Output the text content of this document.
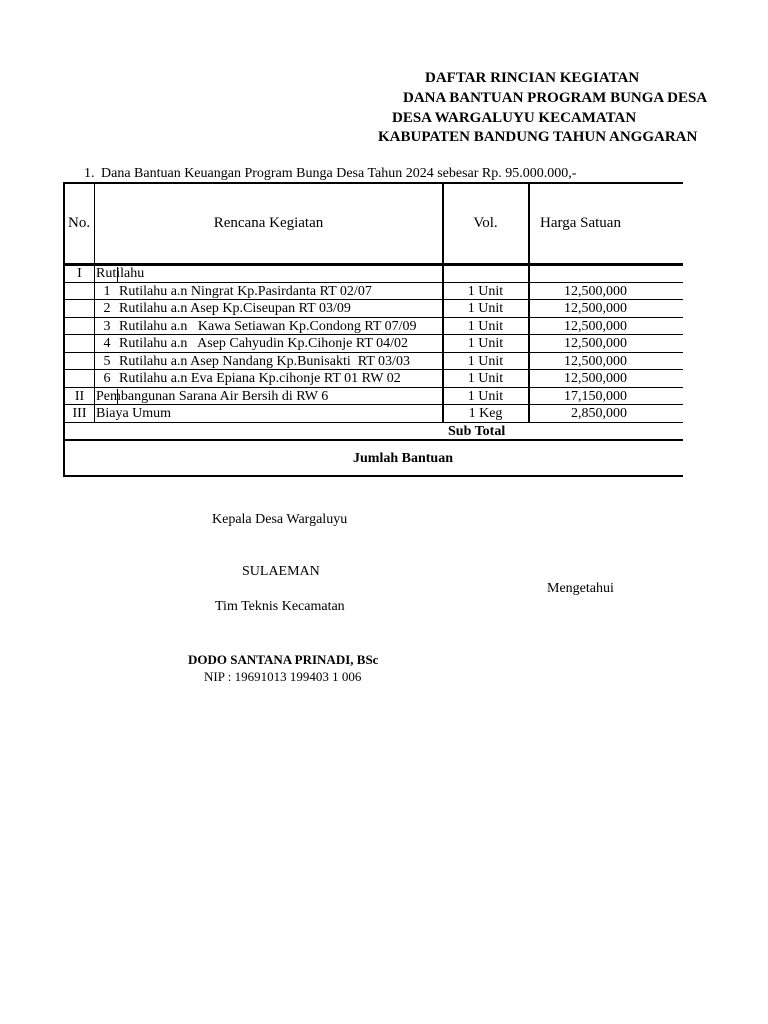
DAFTAR RINCIAN KEGIATAN
DANA BANTUAN PROGRAM BUNGA DESA
DESA WARGALUYU KECAMATAN
KABUPATEN BANDUNG TAHUN ANGGARAN
1. Dana Bantuan Keuangan Program Bunga Desa Tahun 2024 sebesar Rp. 95.000.000,-
No.	Rencana Kegiatan	Vol.	Harga Satuan
I	Rutilahu
1 Rutilahu a.n Ningrat Kp.Pasirdanta RT 02/07	1 Unit	12,500,000
2 Rutilahu a.n Asep Kp.Ciseupan RT 03/09	1 Unit	12,500,000
3 Rutilahu a.n   Kawa Setiawan Kp.Condong RT 07/09	1 Unit	12,500,000
4 Rutilahu a.n   Asep Cahyudin Kp.Cihonje RT 04/02	1 Unit	12,500,000
5 Rutilahu a.n Asep Nandang Kp.Bunisakti  RT 03/03	1 Unit	12,500,000
6 Rutilahu a.n Eva Epiana Kp.cihonje RT 01 RW 02	1 Unit	12,500,000
II Pembangunan Sarana Air Bersih di RW 6	1 Unit	17,150,000
III Biaya Umum	1 Keg	2,850,000
Sub Total
Jumlah Bantuan
Kepala Desa Wargaluyu
SULAEMAN
Mengetahui
Tim Teknis Kecamatan
DODO SANTANA PRINADI, BSc
NIP : 19691013 199403 1 006
